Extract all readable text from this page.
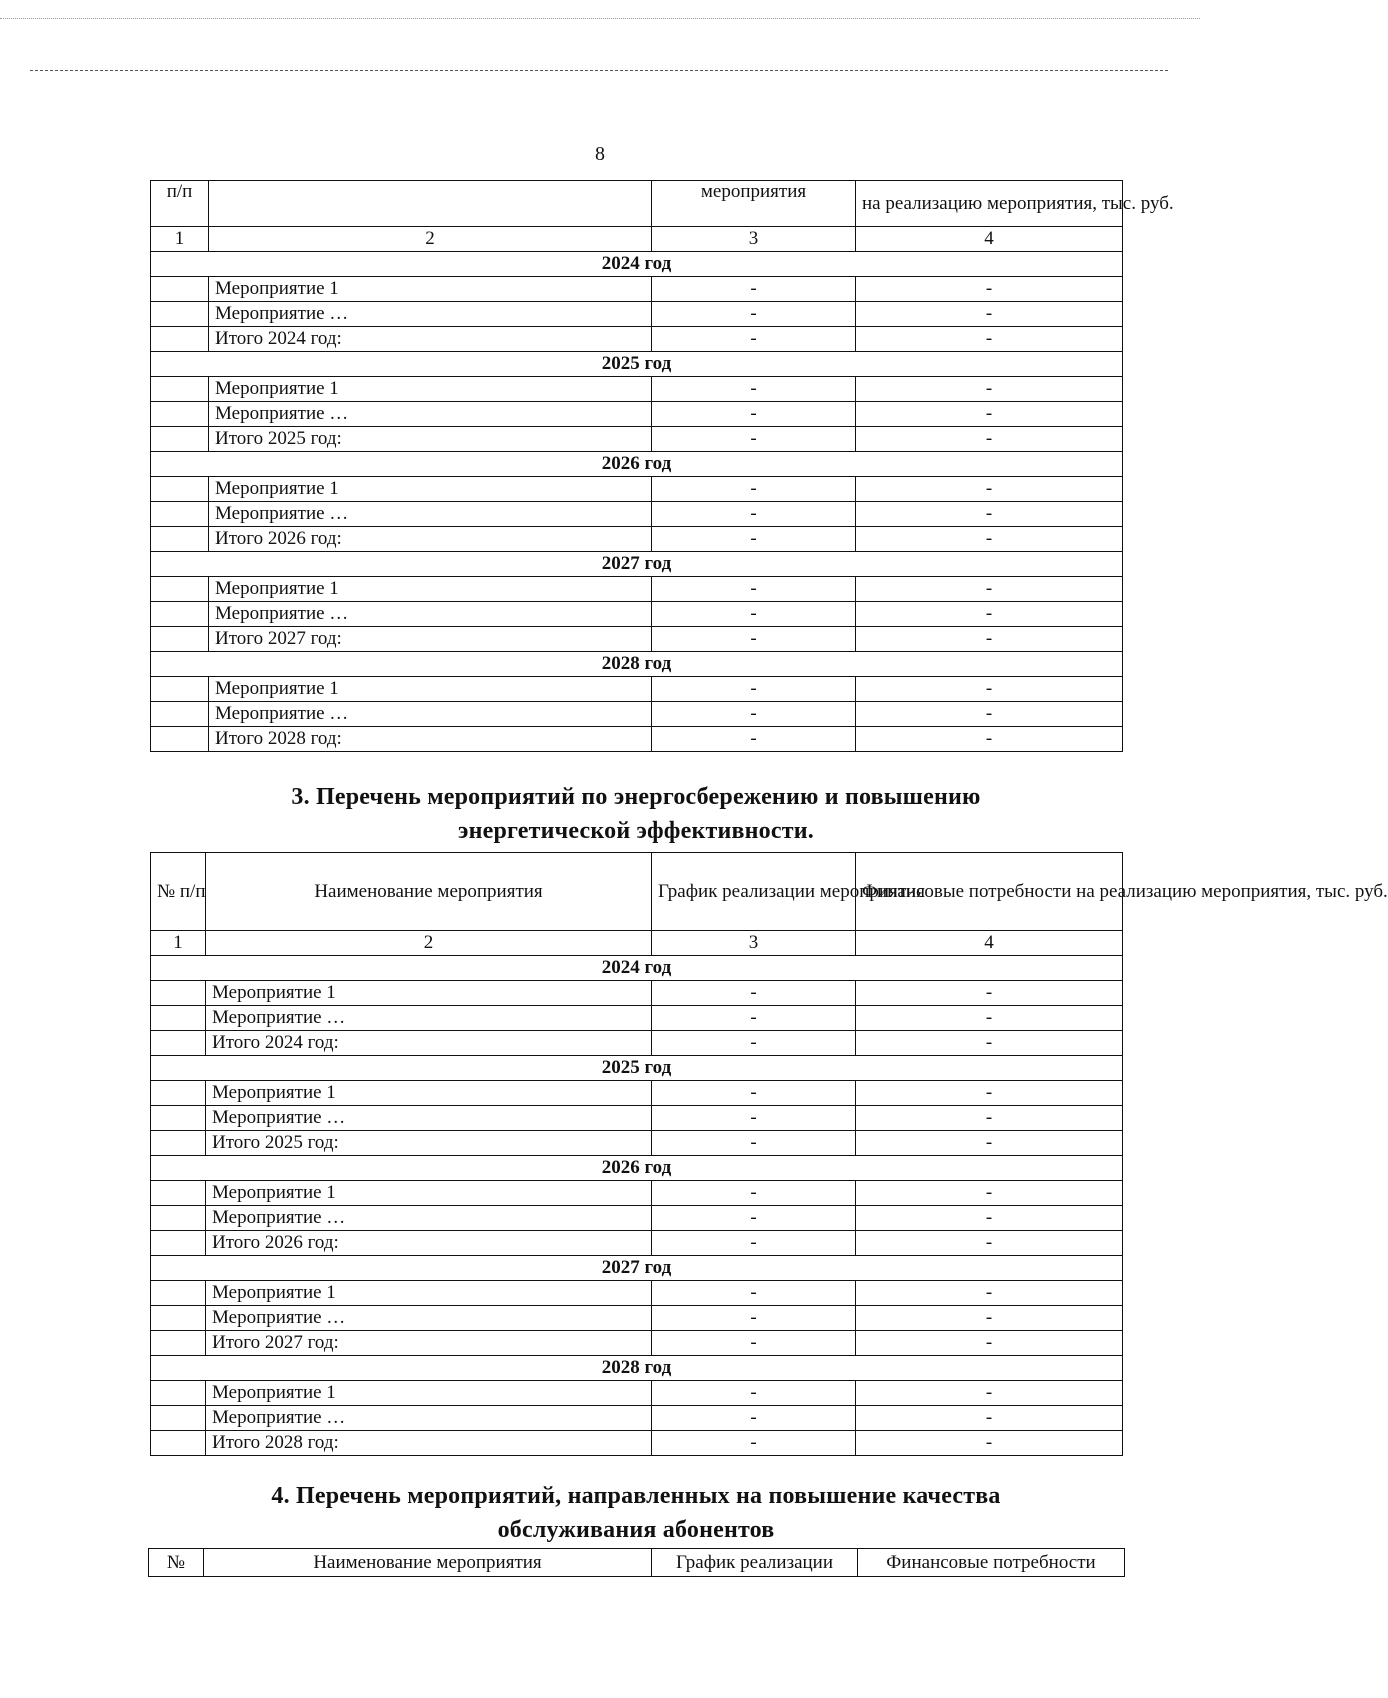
8
п/п		мероприятия	на реализацию мероприятия, тыс. руб.
1	2	3	4
2024 год			
	Мероприятие 1	-	-
	Мероприятие …	-	-
	Итого 2024 год:	-	-
2025 год			
	Мероприятие 1	-	-
	Мероприятие …	-	-
	Итого 2025 год:	-	-
2026 год			
	Мероприятие 1	-	-
	Мероприятие …	-	-
	Итого 2026 год:	-	-
2027 год			
	Мероприятие 1	-	-
	Мероприятие …	-	-
	Итого 2027 год:	-	-
2028 год			
	Мероприятие 1	-	-
	Мероприятие …	-	-
	Итого 2028 год:	-	-
3. Перечень мероприятий по энергосбережению и повышению
энергетической эффективности.
№ п/п	Наименование мероприятия	График реализации мероприятия	Финансовые потребности на реализацию мероприятия, тыс. руб.
1	2	3	4
2024 год			
	Мероприятие 1	-	-
	Мероприятие …	-	-
	Итого 2024 год:	-	-
2025 год			
	Мероприятие 1	-	-
	Мероприятие …	-	-
	Итого 2025 год:	-	-
2026 год			
	Мероприятие 1	-	-
	Мероприятие …	-	-
	Итого 2026 год:	-	-
2027 год			
	Мероприятие 1	-	-
	Мероприятие …	-	-
	Итого 2027 год:	-	-
2028 год			
	Мероприятие 1	-	-
	Мероприятие …	-	-
	Итого 2028 год:	-	-
4. Перечень мероприятий, направленных на повышение качества
обслуживания абонентов
№	Наименование мероприятия	График реализации	Финансовые потребности
